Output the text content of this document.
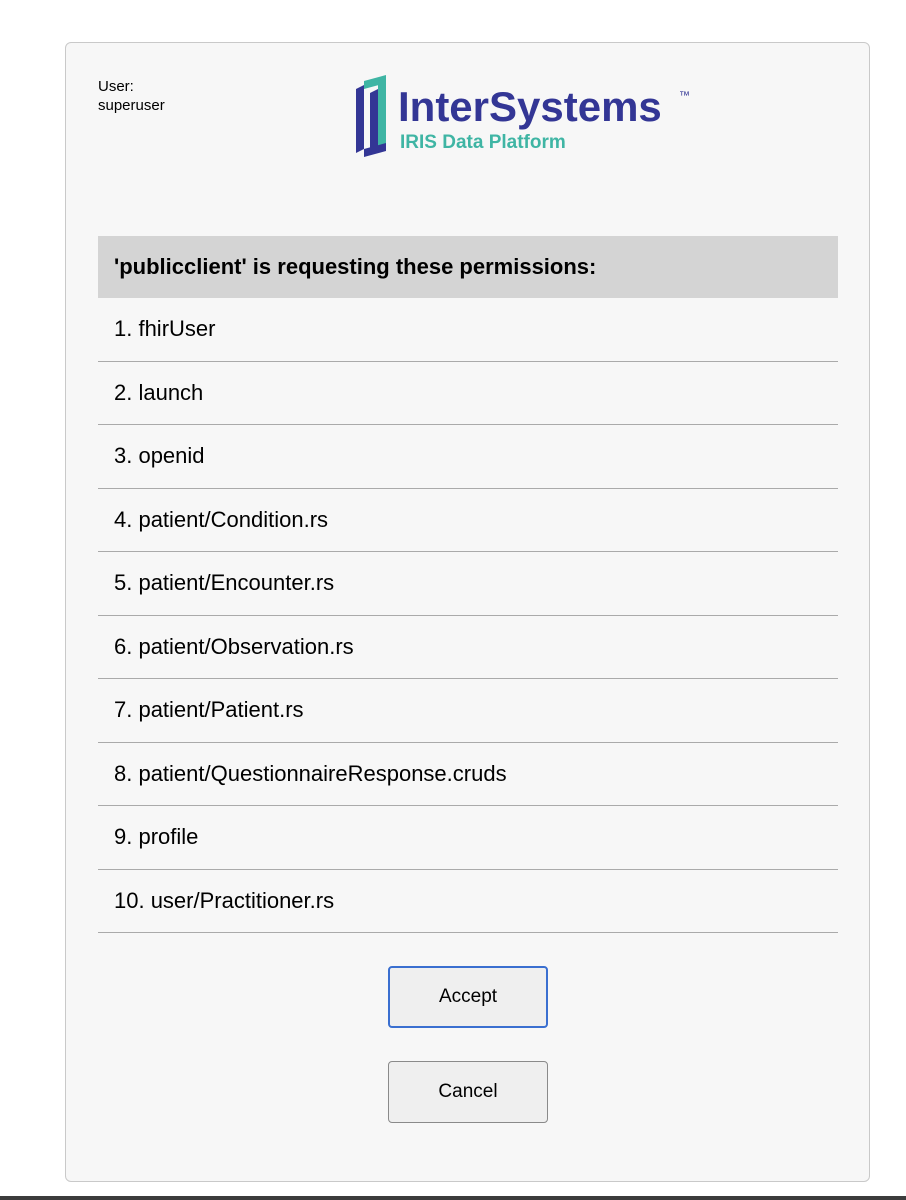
User:
superuser	InterSystems ™
IRIS Data Platform
'publicclient' is requesting these permissions:
1. fhirUser
2. launch
3. openid
4. patient/Condition.rs
5. patient/Encounter.rs
6. patient/Observation.rs
7. patient/Patient.rs
8. patient/QuestionnaireResponse.cruds
9. profile
10. user/Practitioner.rs
Accept
Cancel
